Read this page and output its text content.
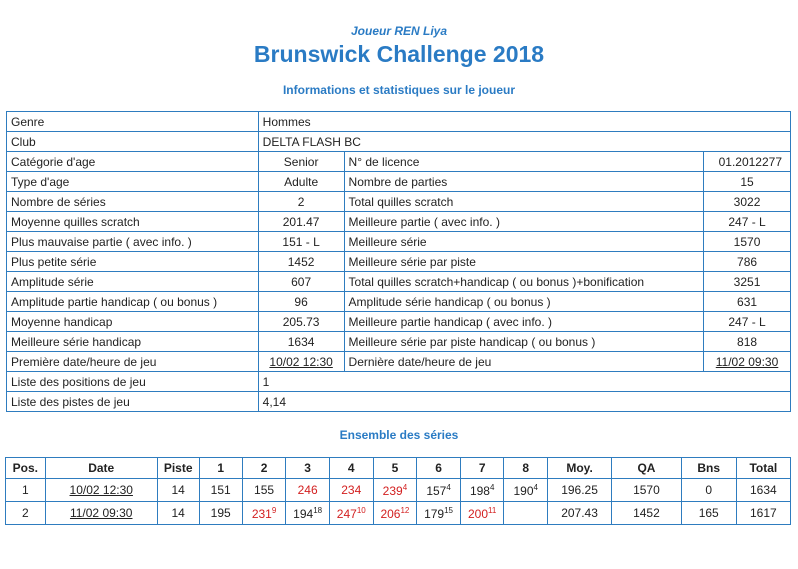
Joueur REN Liya
Brunswick Challenge 2018
Informations et statistiques sur le joueur
Genre	Hommes		
Club	DELTA FLASH BC		
Catégorie d'age	Senior	N° de licence	01.2012277
Type d'age	Adulte	Nombre de parties	15
Nombre de séries	2	Total quilles scratch	3022
Moyenne quilles scratch	201.47	Meilleure partie ( avec info. )	247 - L
Plus mauvaise partie ( avec info. )	151 - L	Meilleure série	1570
Plus petite série	1452	Meilleure série par piste	786
Amplitude série	607	Total quilles scratch+handicap ( ou bonus )+bonification	3251
Amplitude partie handicap ( ou bonus )	96	Amplitude série handicap ( ou bonus )	631
Moyenne handicap	205.73	Meilleure partie handicap ( avec info. )	247 - L
Meilleure série handicap	1634	Meilleure série par piste handicap ( ou bonus )	818
Première date/heure de jeu	10/02 12:30	Dernière date/heure de jeu	11/02 09:30
Liste des positions de jeu	1		
Liste des pistes de jeu	4,14		
Ensemble des séries
Pos.	Date	Piste	1	2	3	4	5	6	7	8	Moy.	QA	Bns	Total
1	10/02 12:30	14	151	155	246	234	$239^4$	$157^4$	$198^4$	$190^4$	196.25	1570	0	1634
2	11/02 09:30	14	195	$231^9$	$194^{18}$	$247^{10}$	$206^{12}$	$179^{15}$	$200^{11}$		207.43	1452	165	1617
